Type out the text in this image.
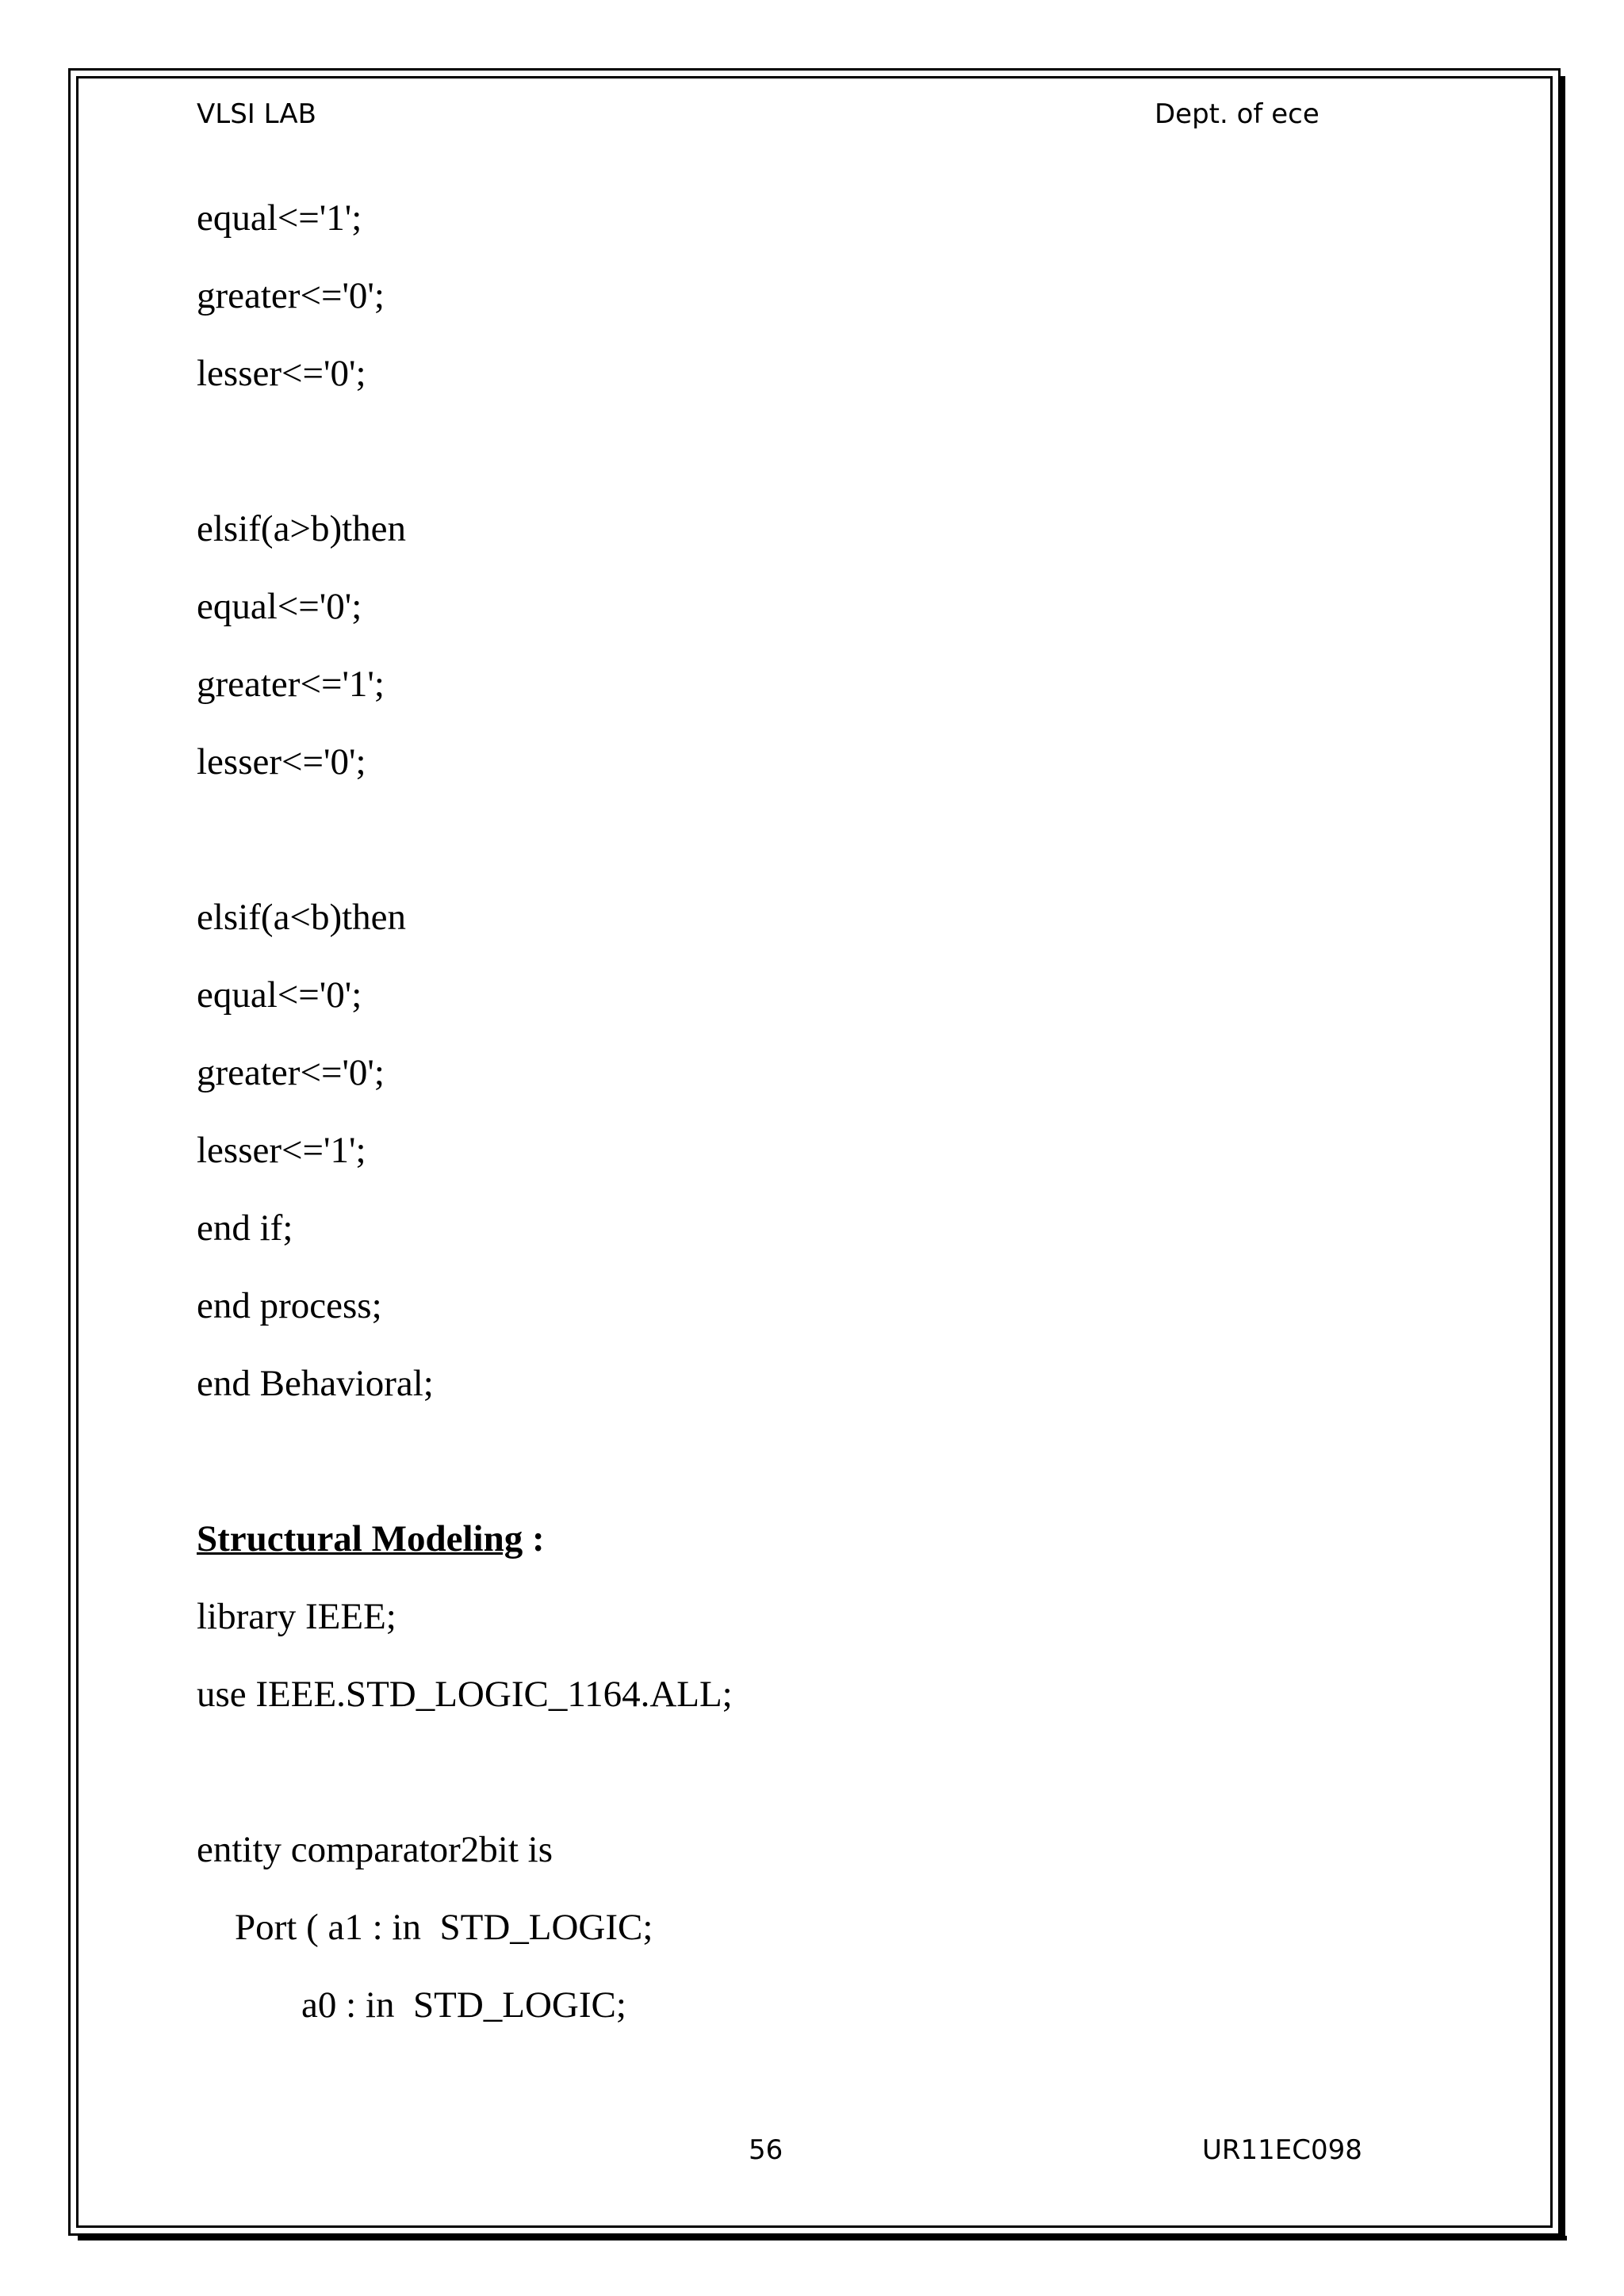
VLSI LAB	Dept. of ece
equal<='1';
greater<='0';
lesser<='0';
elsif(a>b)then
equal<='0';
greater<='1';
lesser<='0';
elsif(a<b)then
equal<='0';
greater<='0';
lesser<='1';
end if;
end process;
end Behavioral;
Structural Modeling :
library IEEE;
use IEEE.STD_LOGIC_1164.ALL;
entity comparator2bit is
Port ( a1 : in  STD_LOGIC;
a0 : in  STD_LOGIC;
56	UR11EC098
